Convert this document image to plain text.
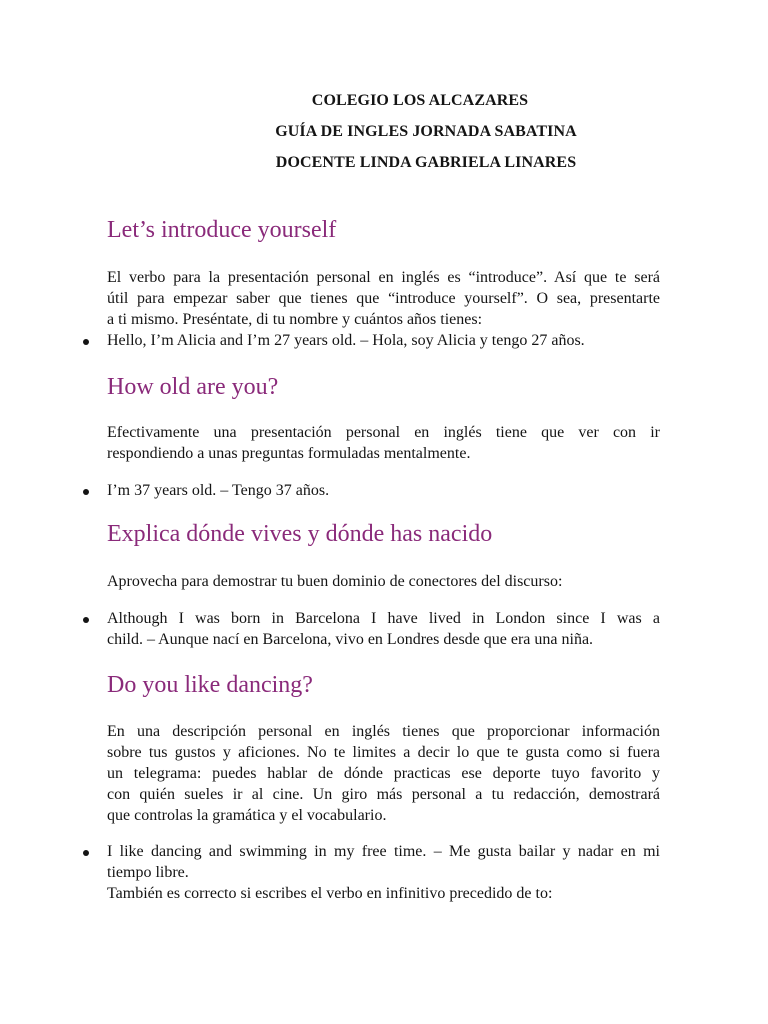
COLEGIO LOS ALCAZARES
GUÍA DE INGLES JORNADA SABATINA
DOCENTE LINDA GABRIELA LINARES
Let’s introduce yourself
El verbo para la presentación personal en inglés es “introduce”. Así que te será
útil para empezar saber que tienes que “introduce yourself”. O sea, presentarte
a ti mismo. Preséntate, di tu nombre y cuántos años tienes:
Hello, I’m Alicia and I’m 27 years old. – Hola, soy Alicia y tengo 27 años.
How old are you?
Efectivamente una presentación personal en inglés tiene que ver con ir
respondiendo a unas preguntas formuladas mentalmente.
I’m 37 years old. – Tengo 37 años.
Explica dónde vives y dónde has nacido
Aprovecha para demostrar tu buen dominio de conectores del discurso:
Although I was born in Barcelona I have lived in London since I was a
child. – Aunque nací en Barcelona, vivo en Londres desde que era una niña.
Do you like dancing?
En una descripción personal en inglés tienes que proporcionar información
sobre tus gustos y aficiones. No te limites a decir lo que te gusta como si fuera
un telegrama: puedes hablar de dónde practicas ese deporte tuyo favorito y
con quién sueles ir al cine. Un giro más personal a tu redacción, demostrará
que controlas la gramática y el vocabulario.
I like dancing and swimming in my free time. – Me gusta bailar y nadar en mi
tiempo libre.
También es correcto si escribes el verbo en infinitivo precedido de to:
